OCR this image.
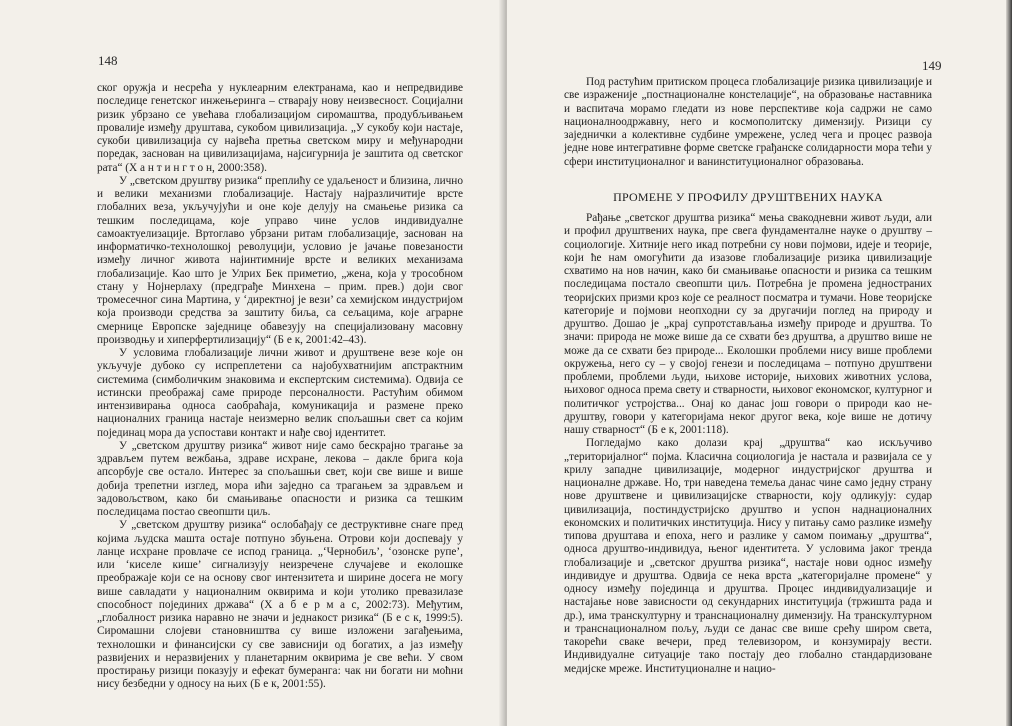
148

ског оружја и несрећа у нуклеарним електранама, као и непредвидиве последице генетског инжењеринга – стварају нову неизвесност. Социјални ризик убрзано се увећава глобализацијом сиромаштва, продубљивањем провалије између друштава, сукобом цивилизација. „У сукобу који настаје, сукоби цивилизација су највећа претња светском миру и међународни поредак, заснован на цивилизацијама, најсигурнија је заштита од светског рата“ (Х а н т и н г т о н, 2000:358).

У „светском друштву ризика“ преплићу се удаљеност и близина, лично и велики механизми глобализације. Настају најразличитије врсте глобалних веза, укључујући и оне које делују на смањење ризика са тешким последицама, које управо чине услов индивидуалне самоактуелизације. Вртоглаво убрзани ритам глобализације, заснован на информатичко-технолошкој револуцији, условио је јачање повезаности између личног живота најинтимније врсте и великих механизама глобализације. Као што је Улрих Бек приметио, „жена, која у трособном стану у Нојнерлаху (предграђе Минхена – прим. прев.) доји свог тромесечног сина Мартина, у ‘директној је вези’ са хемијском индустријом која производи средства за заштиту биља, са сељацима, које аграрне смернице Европске заједнице обавезују на специјализовану масовну производњу и хиперфертилизацију“ (Б е к, 2001:42–43).

У условима глобализације лични живот и друштвене везе које он укључује дубоко су испреплетени са најобухватнијим апстрактним системима (симболичким знаковима и експертским системима). Одвија се истински преображај саме природе персоналности. Растућим обимом интензивирања односа саобраћаја, комуникација и размене преко националних граница настаје неизмерно велик спољашњи свет са којим појединац мора да успостави контакт и нађе свој идентитет.

У „светском друштву ризика“ живот није само бескрајно трагање за здрављем путем вежбања, здраве исхране, лекова – дакле брига која апсорбује све остало. Интерес за спољашњи свет, који све више и више добија трепетни изглед, мора ићи заједно са трагањем за здрављем и задовољством, како би смањивање опасности и ризика са тешким последицама постао свеопшти циљ.

У „светском друштву ризика“ ослобађају се деструктивне снаге пред којима људска машта остаје потпуно збуњена. Отрови који доспевају у ланце исхране провлаче се испод граница. „‘Чернобиљ’, ‘озонске рупе’, или ‘киселе кише’ сигнализују неизречене случајеве и еколошке преображаје који се на основу свог интензитета и ширине досега не могу више савладати у националним оквирима и који утолико превазилазе способност појединих држава“ (Х а б е р м а с, 2002:73). Међутим, „глобалност ризика наравно не значи и једнакост ризика“ (Б е с к, 1999:5). Сиромашни слојеви становништва су више изложени загађењима, технолошки и финансијски су све зависнији од богатих, а јаз између развијених и неразвијених у планетарним оквирима је све већи. У свом простирању ризици показују и ефекат бумеранга: чак ни богати ни моћни нису безбедни у односу на њих (Б е к, 2001:55).

149

Под растућим притиском процеса глобализације ризика цивилизације и све израженије „постнационалне констелације“, на образовање наставника и васпитача морамо гледати из нове перспективе која садржи не само националноодржавну, него и космополитску димензију. Ризици су заједнички а колективне судбине умрежене, услед чега и процес развоја једне нове интегративне форме светске грађанске солидарности мора тећи у сфери институционалног и ванинституционалног образовања.

ПРОМЕНЕ У ПРОФИЛУ ДРУШТВЕНИХ НАУКА

Рађање „светског друштва ризика“ мења свакодневни живот људи, али и профил друштвених наука, пре свега фундаменталне науке о друштву – социологије. Хитније него икад потребни су нови појмови, идеје и теорије, који ће нам омогућити да изазове глобализације ризика цивилизације схватимо на нов начин, како би смањивање опасности и ризика са тешким последицама постало свеопшти циљ. Потребна је промена једностраних теоријских призми кроз које се реалност посматра и тумачи. Нове теоријске категорије и појмови неопходни су за другачији поглед на природу и друштво. Дошао је „крај супротстављања између природе и друштва. То значи: природа не може више да се схвати без друштва, а друштво више не може да се схвати без природе... Еколошки проблеми нису више проблеми окружења, него су – у својој генези и последицама – потпуно друштвени проблеми, проблеми људи, њихове историје, њихових животних услова, њиховог односа према свету и стварности, њиховог економског, културног и политичког устројства... Онај ко данас још говори о природи као не-друштву, говори у категоријама неког другог века, које више не дотичу нашу стварност“ (Б е к, 2001:118).

Погледајмо како долази крај „друштва“ као искључиво „територијалног“ појма. Класична социологија је настала и развијала се у крилу западне цивилизације, модерног индустријског друштва и националне државе. Но, три наведена темеља данас чине само једну страну нове друштвене и цивилизацијске стварности, коју одликују: судар цивилизација, постиндустријско друштво и успон наднационалних економских и политичких институција. Нису у питању само разлике између типова друштава и епоха, него и разлике у самом поимању „друштва“, односа друштво-индивидуа, њеног идентитета. У условима јаког тренда глобализације и „светског друштва ризика“, настаје нови однос између индивидуе и друштва. Одвија се нека врста „категоријалне промене“ у односу између појединца и друштва. Процес индивидуализације и настајање нове зависности од секундарних институција (тржишта рада и др.), има транскултурну и транснационалну димензију. На транскултурном и транснационалном пољу, људи се данас све више срећу широм света, такорећи сваке вечери, пред телевизором, и конзумирају вести. Индивидуалне ситуације тако постају део глобално стандардизоване медијске мреже. Институционалне и нацио-
